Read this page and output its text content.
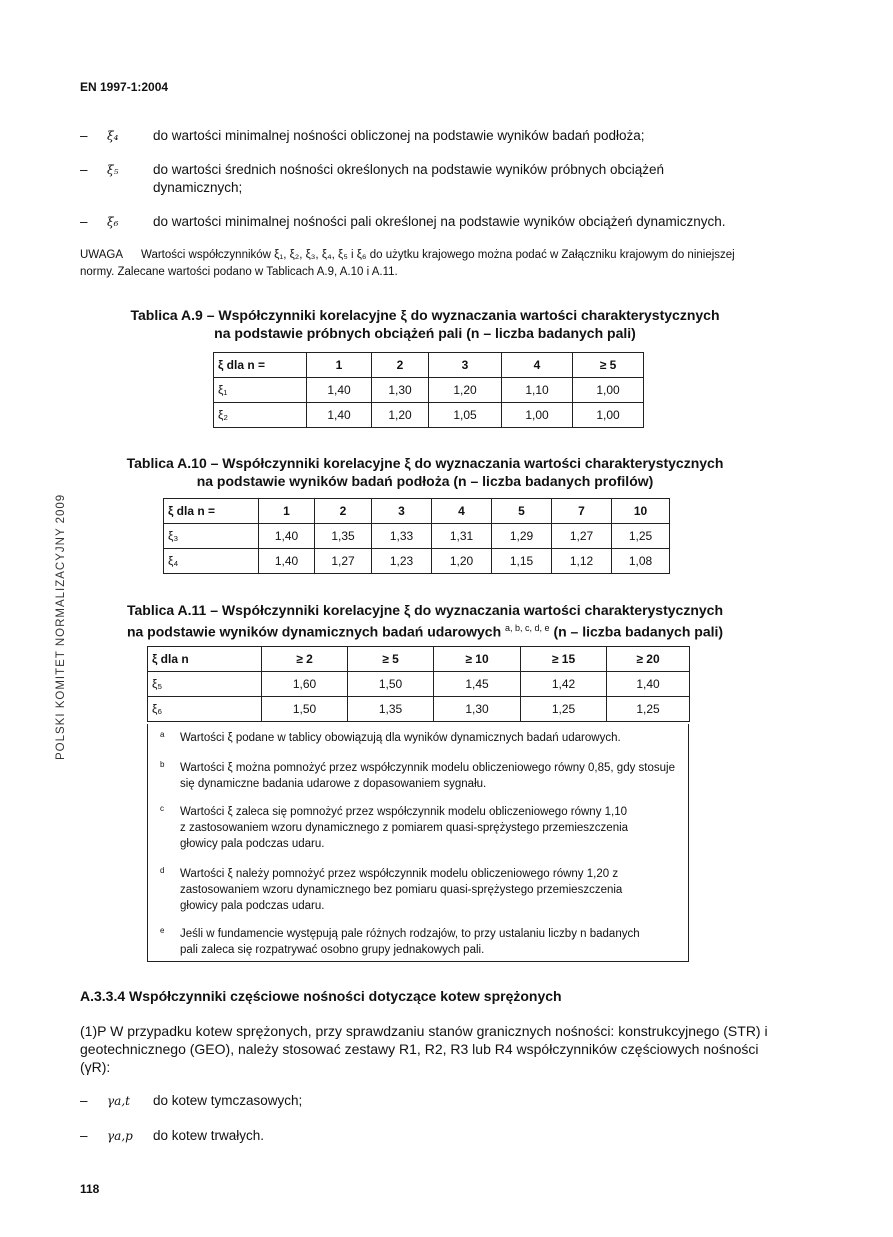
EN 1997-1:2004
POLSKI KOMITET NORMALIZACYJNY 2009
– ξ₄	do wartości minimalnej nośności obliczonej na podstawie wyników badań podłoża;
– ξ₅	do wartości średnich nośności określonych na podstawie wyników próbnych obciążeń dynamicznych;
– ξ₆	do wartości minimalnej nośności pali określonej na podstawie wyników obciążeń dynamicznych.
UWAGA Wartości współczynników ξ₁, ξ₂, ξ₃, ξ₄, ξ₅ i ξ₆ do użytku krajowego można podać w Załączniku krajowym do niniejszej normy. Zalecane wartości podano w Tablicach A.9, A.10 i A.11.
Tablica A.9 – Współczynniki korelacyjne ξ do wyznaczania wartości charakterystycznych
na podstawie próbnych obciążeń pali (n – liczba badanych pali)
ξ dla n =	1	2	3	4	≥ 5
ξ₁	1,40	1,30	1,20	1,10	1,00
ξ₂	1,40	1,20	1,05	1,00	1,00
Tablica A.10 – Współczynniki korelacyjne ξ do wyznaczania wartości charakterystycznych
na podstawie wyników badań podłoża (n – liczba badanych profilów)
ξ dla n =	1	2	3	4	5	7	10
ξ₃	1,40	1,35	1,33	1,31	1,29	1,27	1,25
ξ₄	1,40	1,27	1,23	1,20	1,15	1,12	1,08
Tablica A.11 – Współczynniki korelacyjne ξ do wyznaczania wartości charakterystycznych
na podstawie wyników dynamicznych badań udarowych $^{a, b, c, d, e}$ (n – liczba badanych pali)
ξ dla n	≥ 2	≥ 5	≥ 10	≥ 15	≥ 20
ξ₅	1,60	1,50	1,45	1,42	1,40
ξ₆	1,50	1,35	1,30	1,25	1,25
a Wartości ξ podane w tablicy obowiązują dla wyników dynamicznych badań udarowych.
b Wartości ξ można pomnożyć przez współczynnik modelu obliczeniowego równy 0,85, gdy stosuje się dynamiczne badania udarowe z dopasowaniem sygnału.
c Wartości ξ zaleca się pomnożyć przez współczynnik modelu obliczeniowego równy 1,10 z zastosowaniem wzoru dynamicznego z pomiarem quasi-sprężystego przemieszczenia głowicy pala podczas udaru.
d Wartości ξ należy pomnożyć przez współczynnik modelu obliczeniowego równy 1,20 z zastosowaniem wzoru dynamicznego bez pomiaru quasi-sprężystego przemieszczenia głowicy pala podczas udaru.
e Jeśli w fundamencie występują pale różnych rodzajów, to przy ustalaniu liczby n badanych pali zaleca się rozpatrywać osobno grupy jednakowych pali.
A.3.3.4 Współczynniki częściowe nośności dotyczące kotew sprężonych
(1)P W przypadku kotew sprężonych, przy sprawdzaniu stanów granicznych nośności: konstrukcyjnego (STR) i geotechnicznego (GEO), należy stosować zestawy R1, R2, R3 lub R4 współczynników częściowych nośności (γR):
– γa,t do kotew tymczasowych;
– γa,p do kotew trwałych.
118
